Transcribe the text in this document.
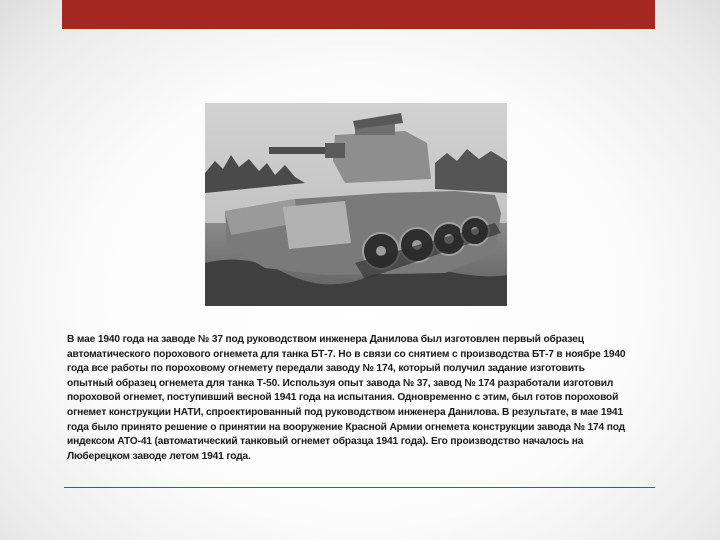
В мае 1940 года на заводе № 37 под руководством инженера Данилова был изготовлен первый образец автоматического порохового огнемета для танка БТ-7. Но в связи со снятием с производства БТ-7 в ноябре 1940 года все работы по пороховому огнемету передали заводу № 174, который получил задание изготовить опытный образец огнемета для танка Т-50. Используя опыт завода № 37, завод № 174 разработали изготовил пороховой огнемет, поступивший весной 1941 года на испытания. Одновременно с этим, был готов пороховой огнемет конструкции НАТИ, спроектированный под руководством инженера Данилова. В результате, в мае 1941 года было принято решение о принятии на вооружение Красной Армии огнемета конструкции завода № 174 под индексом АТО-41 (автоматический танковый огнемет образца 1941 года). Его производство началось на Люберецком заводе летом 1941 года.
